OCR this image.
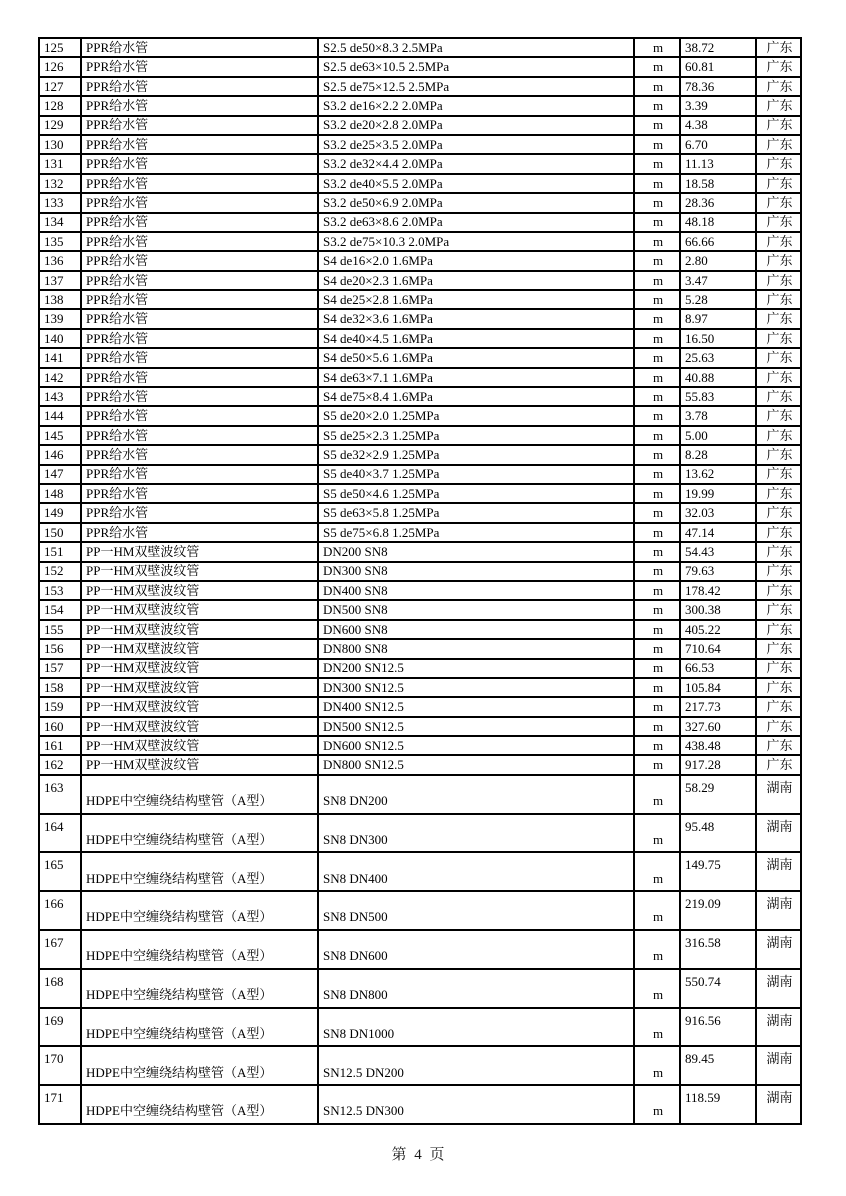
125	PPR给水管	S2.5 de50×8.3 2.5MPa	m	38.72	广东
126	PPR给水管	S2.5 de63×10.5 2.5MPa	m	60.81	广东
127	PPR给水管	S2.5 de75×12.5 2.5MPa	m	78.36	广东
128	PPR给水管	S3.2 de16×2.2 2.0MPa	m	3.39	广东
129	PPR给水管	S3.2 de20×2.8 2.0MPa	m	4.38	广东
130	PPR给水管	S3.2 de25×3.5 2.0MPa	m	6.70	广东
131	PPR给水管	S3.2 de32×4.4 2.0MPa	m	11.13	广东
132	PPR给水管	S3.2 de40×5.5 2.0MPa	m	18.58	广东
133	PPR给水管	S3.2 de50×6.9 2.0MPa	m	28.36	广东
134	PPR给水管	S3.2 de63×8.6 2.0MPa	m	48.18	广东
135	PPR给水管	S3.2 de75×10.3 2.0MPa	m	66.66	广东
136	PPR给水管	S4 de16×2.0 1.6MPa	m	2.80	广东
137	PPR给水管	S4 de20×2.3 1.6MPa	m	3.47	广东
138	PPR给水管	S4 de25×2.8 1.6MPa	m	5.28	广东
139	PPR给水管	S4 de32×3.6 1.6MPa	m	8.97	广东
140	PPR给水管	S4 de40×4.5 1.6MPa	m	16.50	广东
141	PPR给水管	S4 de50×5.6 1.6MPa	m	25.63	广东
142	PPR给水管	S4 de63×7.1 1.6MPa	m	40.88	广东
143	PPR给水管	S4 de75×8.4 1.6MPa	m	55.83	广东
144	PPR给水管	S5 de20×2.0 1.25MPa	m	3.78	广东
145	PPR给水管	S5 de25×2.3 1.25MPa	m	5.00	广东
146	PPR给水管	S5 de32×2.9 1.25MPa	m	8.28	广东
147	PPR给水管	S5 de40×3.7 1.25MPa	m	13.62	广东
148	PPR给水管	S5 de50×4.6 1.25MPa	m	19.99	广东
149	PPR给水管	S5 de63×5.8 1.25MPa	m	32.03	广东
150	PPR给水管	S5 de75×6.8 1.25MPa	m	47.14	广东
151	PP一HM双壁波纹管	DN200 SN8	m	54.43	广东
152	PP一HM双壁波纹管	DN300 SN8	m	79.63	广东
153	PP一HM双壁波纹管	DN400 SN8	m	178.42	广东
154	PP一HM双壁波纹管	DN500 SN8	m	300.38	广东
155	PP一HM双壁波纹管	DN600 SN8	m	405.22	广东
156	PP一HM双壁波纹管	DN800 SN8	m	710.64	广东
157	PP一HM双壁波纹管	DN200 SN12.5	m	66.53	广东
158	PP一HM双壁波纹管	DN300 SN12.5	m	105.84	广东
159	PP一HM双壁波纹管	DN400 SN12.5	m	217.73	广东
160	PP一HM双壁波纹管	DN500 SN12.5	m	327.60	广东
161	PP一HM双壁波纹管	DN600 SN12.5	m	438.48	广东
162	PP一HM双壁波纹管	DN800 SN12.5	m	917.28	广东
163	HDPE中空缠绕结构壁管（A型）	SN8 DN200	m	58.29	湖南
164	HDPE中空缠绕结构壁管（A型）	SN8 DN300	m	95.48	湖南
165	HDPE中空缠绕结构壁管（A型）	SN8 DN400	m	149.75	湖南
166	HDPE中空缠绕结构壁管（A型）	SN8 DN500	m	219.09	湖南
167	HDPE中空缠绕结构壁管（A型）	SN8 DN600	m	316.58	湖南
168	HDPE中空缠绕结构壁管（A型）	SN8 DN800	m	550.74	湖南
169	HDPE中空缠绕结构壁管（A型）	SN8 DN1000	m	916.56	湖南
170	HDPE中空缠绕结构壁管（A型）	SN12.5 DN200	m	89.45	湖南
171	HDPE中空缠绕结构壁管（A型）	SN12.5 DN300	m	118.59	湖南
第 4 页
